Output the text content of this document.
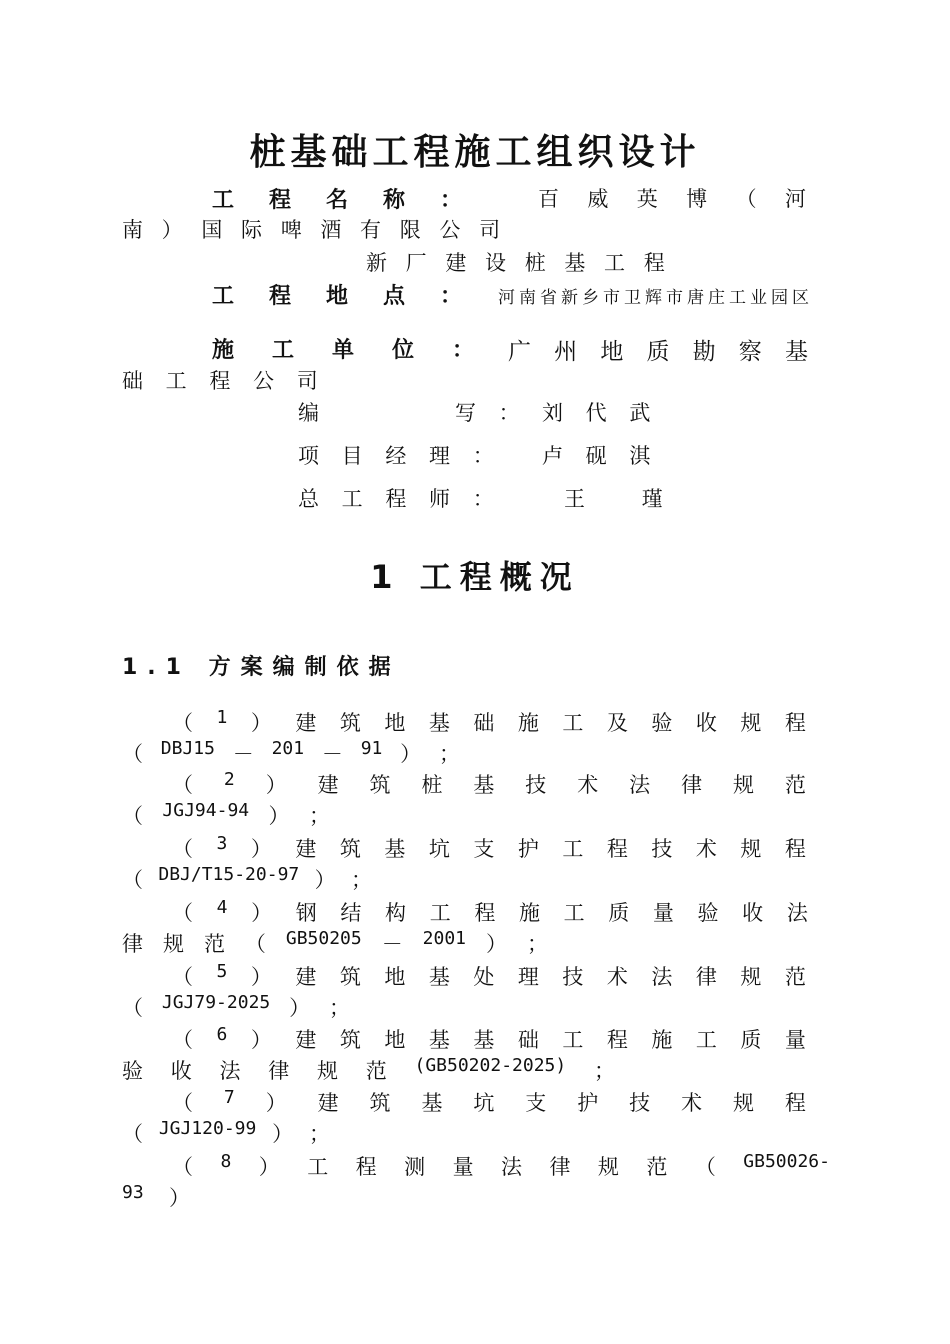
桩基础工程施工组织设计
工 程 名 称 ：	百 威 英 博 （ 河
南 ） 国 际 啤 酒 有 限 公 司
新 厂 建 设 桩 基 工 程
工 程 地 点 ： 河南省新乡市卫辉市唐庄工业园区
施 工 单 位 ： 广 州 地 质 勘 察 基
础 工 程 公 司
编	写 ： 刘 代 武
项 目 经 理 ： 卢 砚 淇
总 工 程 师 ：	王    瑾
1 工程概况
1.1 方案编制依据
（ 1 ） 建 筑 地 基 础 施 工 及 验 收 规 程
（ DBJ15 － 201 － 91 ） ；
（ 2 ） 建 筑 桩 基 技 术 法 律 规 范
（ JGJ94-94 ） ；
（ 3 ） 建 筑 基 坑 支 护 工 程 技 术 规 程
（ DBJ/T15-20-97 ） ；
（ 4 ） 钢 结 构 工 程 施 工 质 量 验 收 法
律 规 范 （ GB50205 － 2001 ） ；
（ 5 ） 建 筑 地 基 处 理 技 术 法 律 规 范
（ JGJ79-2025 ） ；
（ 6 ） 建 筑 地 基 基 础 工 程 施 工 质 量
验 收 法 律 规 范 (GB50202-2025) ；
（ 7 ） 建 筑 基 坑 支 护 技 术 规 程
（ JGJ120-99 ） ；
（ 8 ） 工 程 测 量 法 律 规 范 （ GB50026-
93 ）
